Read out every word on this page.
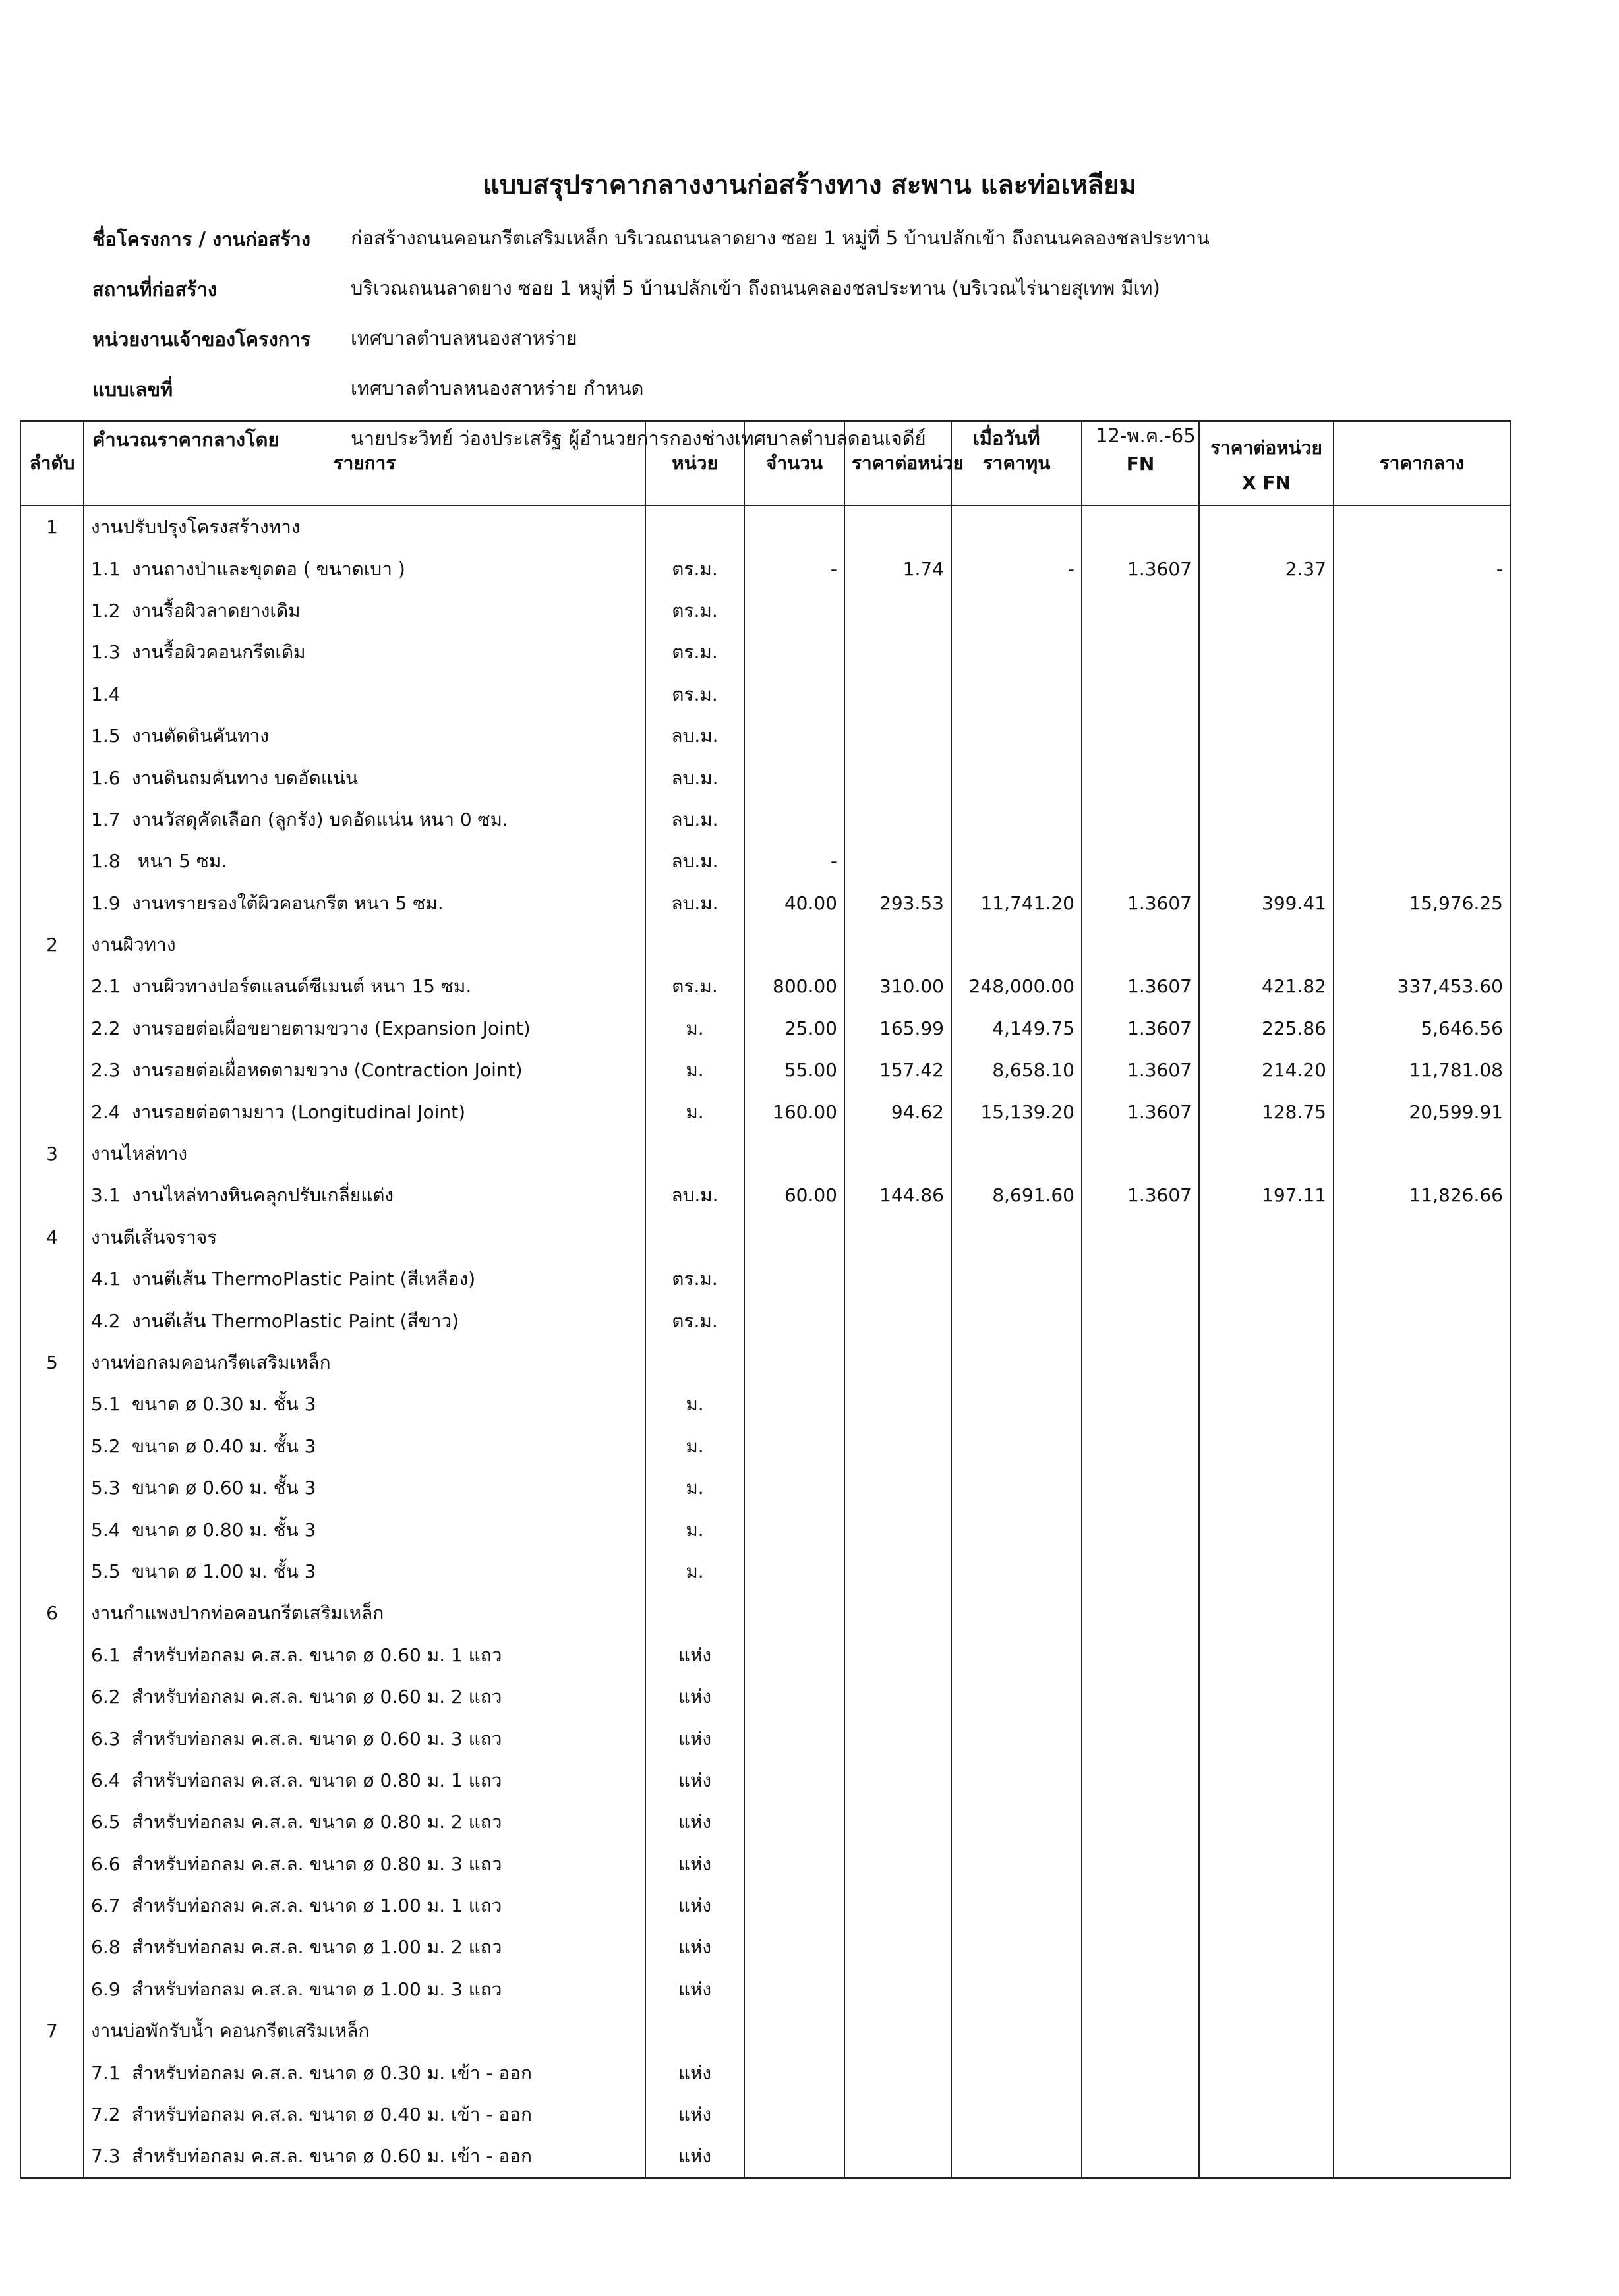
แบบสรุปราคากลางงานก่อสร้างทาง สะพาน และท่อเหลียม
ชื่อโครงการ / งานก่อสร้าง ก่อสร้างถนนคอนกรีตเสริมเหล็ก บริเวณถนนลาดยาง ซอย 1 หมู่ที่ 5 บ้านปลักเข้า ถึงถนนคลองชลประทาน
สถานที่ก่อสร้าง	บริเวณถนนลาดยาง ซอย 1 หมู่ที่ 5 บ้านปลักเข้า ถึงถนนคลองชลประทาน (บริเวณไร่นายสุเทพ มีเท)
หน่วยงานเจ้าของโครงการ เทศบาลตำบลหนองสาหร่าย
แบบเลขที่	เทศบาลตำบลหนองสาหร่าย กำหนด
คำนวณราคากลางโดย	นายประวิทย์ ว่องประเสริฐ ผู้อำนวยการกองช่างเทศบาลตำบลดอนเจดีย์ เมื่อวันที่	12-พ.ค.-65
ลำดับ	รายการ	หน่วย	จำนวน	ราคาต่อหน่วย	ราคาทุน	FN	ราคาต่อหน่วย
X FN	ราคากลาง
1	งานปรับปรุงโครงสร้างทาง							
	1.1 งานถางป่าและขุดตอ ( ขนาดเบา )	ตร.ม.	-	1.74	-	1.3607	2.37	-
	1.2 งานรื้อผิวลาดยางเดิม	ตร.ม.						
	1.3 งานรื้อผิวคอนกรีตเดิม	ตร.ม.						
	1.4	ตร.ม.						
	1.5 งานตัดดินคันทาง	ลบ.ม.						
	1.6 งานดินถมคันทาง บดอัดแน่น	ลบ.ม.						
	1.7 งานวัสดุคัดเลือก (ลูกรัง) บดอัดแน่น หนา 0 ซม.	ลบ.ม.						
	1.8 หนา 5 ซม.	ลบ.ม.	-					
	1.9 งานทรายรองใต้ผิวคอนกรีต หนา 5 ซม.	ลบ.ม.	40.00	293.53	11,741.20	1.3607	399.41	15,976.25
2	งานผิวทาง							
	2.1 งานผิวทางปอร์ตแลนด์ซีเมนต์ หนา 15 ซม.	ตร.ม.	800.00	310.00	248,000.00	1.3607	421.82	337,453.60
	2.2 งานรอยต่อเผื่อขยายตามขวาง (Expansion Joint)	ม.	25.00	165.99	4,149.75	1.3607	225.86	5,646.56
	2.3 งานรอยต่อเผื่อหดตามขวาง (Contraction Joint)	ม.	55.00	157.42	8,658.10	1.3607	214.20	11,781.08
	2.4 งานรอยต่อตามยาว (Longitudinal Joint)	ม.	160.00	94.62	15,139.20	1.3607	128.75	20,599.91
3	งานไหล่ทาง							
	3.1 งานไหล่ทางหินคลุกปรับเกลี่ยแต่ง	ลบ.ม.	60.00	144.86	8,691.60	1.3607	197.11	11,826.66
4	งานตีเส้นจราจร							
	4.1 งานตีเส้น ThermoPlastic Paint (สีเหลือง)	ตร.ม.						
	4.2 งานตีเส้น ThermoPlastic Paint (สีขาว)	ตร.ม.						
5	งานท่อกลมคอนกรีตเสริมเหล็ก							
	5.1 ขนาด ø 0.30 ม. ชั้น 3	ม.						
	5.2 ขนาด ø 0.40 ม. ชั้น 3	ม.						
	5.3 ขนาด ø 0.60 ม. ชั้น 3	ม.						
	5.4 ขนาด ø 0.80 ม. ชั้น 3	ม.						
	5.5 ขนาด ø 1.00 ม. ชั้น 3	ม.						
6	งานกำแพงปากท่อคอนกรีตเสริมเหล็ก							
	6.1 สำหรับท่อกลม ค.ส.ล. ขนาด ø 0.60 ม. 1 แถว	แห่ง						
	6.2 สำหรับท่อกลม ค.ส.ล. ขนาด ø 0.60 ม. 2 แถว	แห่ง						
	6.3 สำหรับท่อกลม ค.ส.ล. ขนาด ø 0.60 ม. 3 แถว	แห่ง						
	6.4 สำหรับท่อกลม ค.ส.ล. ขนาด ø 0.80 ม. 1 แถว	แห่ง						
	6.5 สำหรับท่อกลม ค.ส.ล. ขนาด ø 0.80 ม. 2 แถว	แห่ง						
	6.6 สำหรับท่อกลม ค.ส.ล. ขนาด ø 0.80 ม. 3 แถว	แห่ง						
	6.7 สำหรับท่อกลม ค.ส.ล. ขนาด ø 1.00 ม. 1 แถว	แห่ง						
	6.8 สำหรับท่อกลม ค.ส.ล. ขนาด ø 1.00 ม. 2 แถว	แห่ง						
	6.9 สำหรับท่อกลม ค.ส.ล. ขนาด ø 1.00 ม. 3 แถว	แห่ง						
7	งานบ่อพักรับน้ำ คอนกรีตเสริมเหล็ก							
	7.1 สำหรับท่อกลม ค.ส.ล. ขนาด ø 0.30 ม. เข้า - ออก	แห่ง						
	7.2 สำหรับท่อกลม ค.ส.ล. ขนาด ø 0.40 ม. เข้า - ออก	แห่ง						
	7.3 สำหรับท่อกลม ค.ส.ล. ขนาด ø 0.60 ม. เข้า - ออก	แห่ง						
